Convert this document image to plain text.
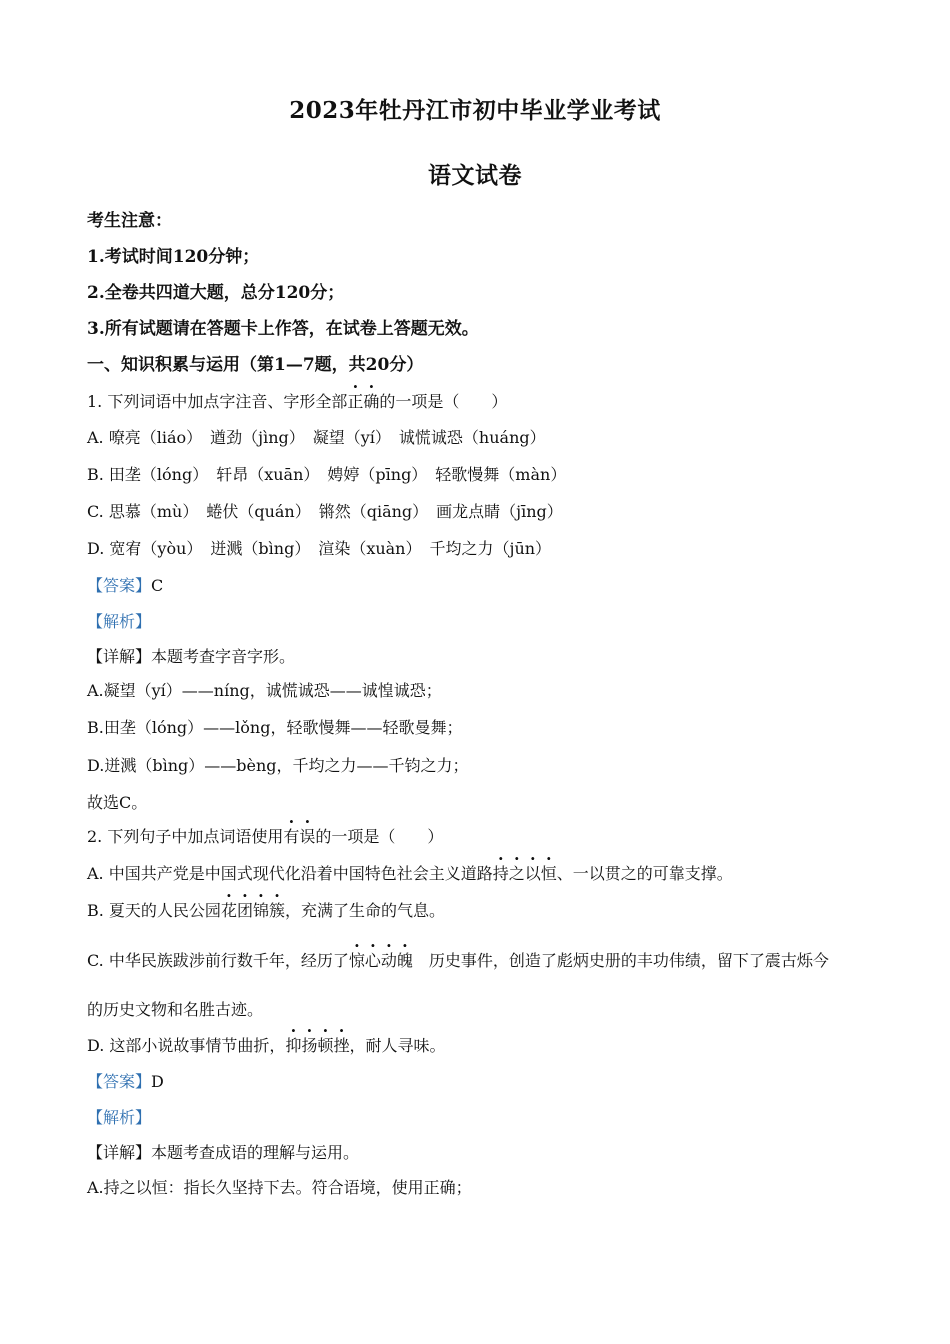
2023年牡丹江市初中毕业学业考试
语文试卷
考生注意：
1.考试时间120分钟；
2.全卷共四道大题，总分120分；
3.所有试题请在答题卡上作答，在试卷上答题无效。
一、知识积累与运用（第1—7题，共20分）
1. 下列词语中加点字注音、字形全部正确的一项是（　　）
A. 嘹亮（liáo）　遒劲（jìng）　凝望（yí）　诚慌诚恐（huáng）
B. 田垄（lóng）　轩昂（xuān）　娉婷（pīng）　轻歌慢舞（màn）
C. 思慕（mù）　蜷伏（quán）　锵然（qiāng）　画龙点睛（jīng）
D. 宽宥（yòu）　迸溅（bìng）　渲染（xuàn）　千均之力（jūn）
【答案】C
【解析】
【详解】本题考查字音字形。
A.凝望（yí）——níng，诚慌诚恐——诚惶诚恐；
B.田垄（lóng）——lǒng，轻歌慢舞——轻歌曼舞；
D.迸溅（bìng）——bèng，千均之力——千钧之力；
故选C。
2. 下列句子中加点词语使用有误的一项是（　　）
A. 中国共产党是中国式现代化沿着中国特色社会主义道路持之以恒、一以贯之的可靠支撑。
B. 夏天的人民公园花团锦簇，充满了生命的气息。
C. 中华民族跋涉前行数千年，经历了惊心动魄　历史事件，创造了彪炳史册的丰功伟绩，留下了震古烁今
的历史文物和名胜古迹。
D. 这部小说故事情节曲折，抑扬顿挫，耐人寻味。
【答案】D
【解析】
【详解】本题考查成语的理解与运用。
A.持之以恒：指长久坚持下去。符合语境，使用正确；
